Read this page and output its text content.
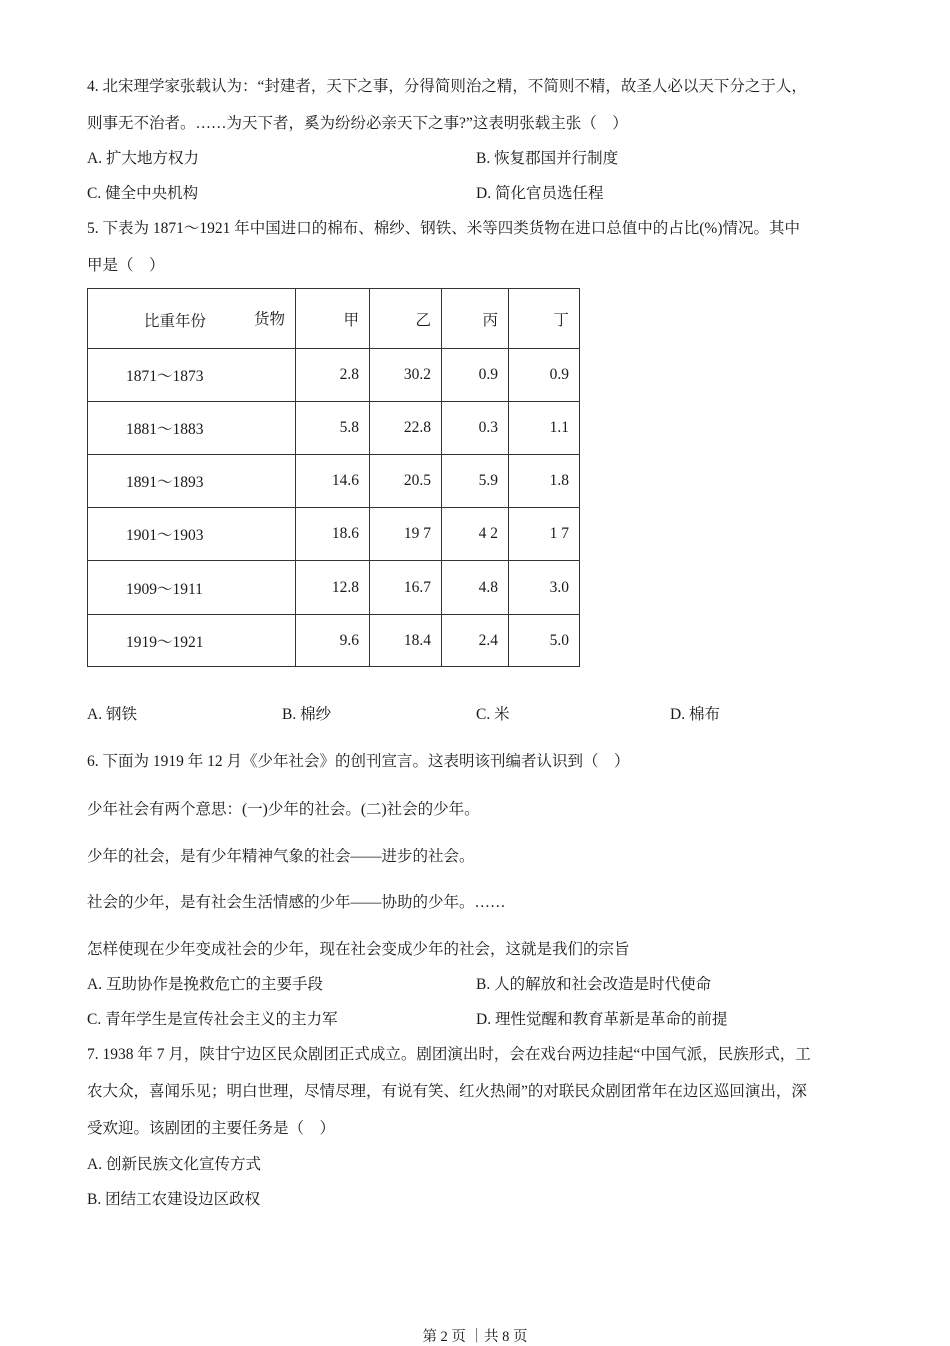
4. 北宋理学家张载认为：“封建者，天下之事，分得简则治之精，不简则不精，故圣人必以天下分之于人，
则事无不治者。……为天下者，奚为纷纷必亲天下之事?”这表明张载主张（　）
A. 扩大地方权力	B. 恢复郡国并行制度
C. 健全中央机构	D. 简化官员选任程
5. 下表为 1871～1921 年中国进口的棉布、棉纱、钢铁、米等四类货物在进口总值中的占比(%)情况。其中
甲是（　）
比重年份 货物	甲	乙	丙	丁
1871～1873	2.8	30.2	0.9	0.9
1881～1883	5.8	22.8	0.3	1.1
1891～1893	14.6	20.5	5.9	1.8
1901～1903	18.6	19 7	4 2	1 7
1909～1911	12.8	16.7	4.8	3.0
1919～1921	9.6	18.4	2.4	5.0
A. 钢铁	B. 棉纱	C. 米	D. 棉布
6. 下面为 1919 年 12 月《少年社会》的创刊宣言。这表明该刊编者认识到（　）
少年社会有两个意思：(一)少年的社会。(二)社会的少年。
少年的社会，是有少年精神气象的社会——进步的社会。
社会的少年，是有社会生活情感的少年——协助的少年。……
怎样使现在少年变成社会的少年，现在社会变成少年的社会，这就是我们的宗旨
A. 互助协作是挽救危亡的主要手段	B. 人的解放和社会改造是时代使命
C. 青年学生是宣传社会主义的主力军	D. 理性觉醒和教育革新是革命的前提
7. 1938 年 7 月，陕甘宁边区民众剧团正式成立。剧团演出时，会在戏台两边挂起“中国气派，民族形式，工
农大众，喜闻乐见；明白世理，尽情尽理，有说有笑、红火热闹”的对联民众剧团常年在边区巡回演出，深
受欢迎。该剧团的主要任务是（　）
A. 创新民族文化宣传方式
B. 团结工农建设边区政权
第 2 页 ｜共 8 页
